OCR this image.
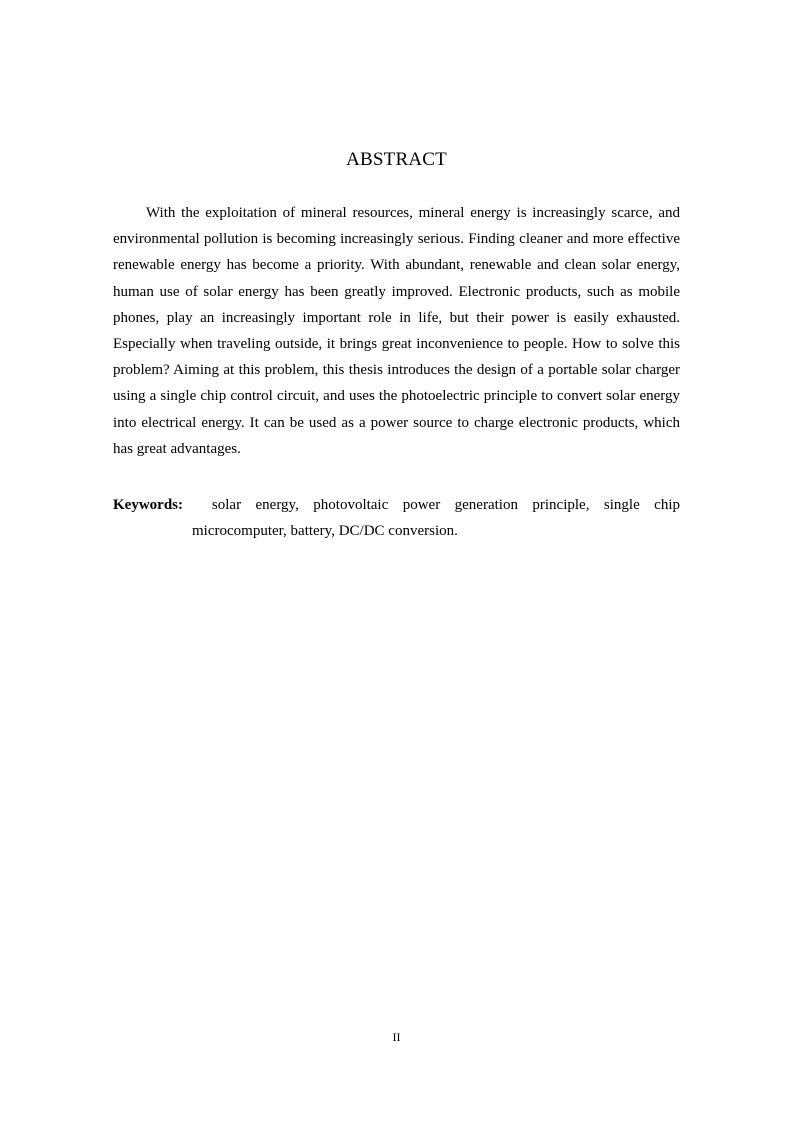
ABSTRACT

With the exploitation of mineral resources, mineral energy is increasingly scarce, and environmental pollution is becoming increasingly serious. Finding cleaner and more effective renewable energy has become a priority. With abundant, renewable and clean solar energy, human use of solar energy has been greatly improved. Electronic products, such as mobile phones, play an increasingly important role in life, but their power is easily exhausted. Especially when traveling outside, it brings great inconvenience to people. How to solve this problem? Aiming at this problem, this thesis introduces the design of a portable solar charger using a single chip control circuit, and uses the photoelectric principle to convert solar energy into electrical energy. It can be used as a power source to charge electronic products, which has great advantages.

Keywords: solar energy, photovoltaic power generation principle, single chip microcomputer, battery, DC/DC conversion.

II
